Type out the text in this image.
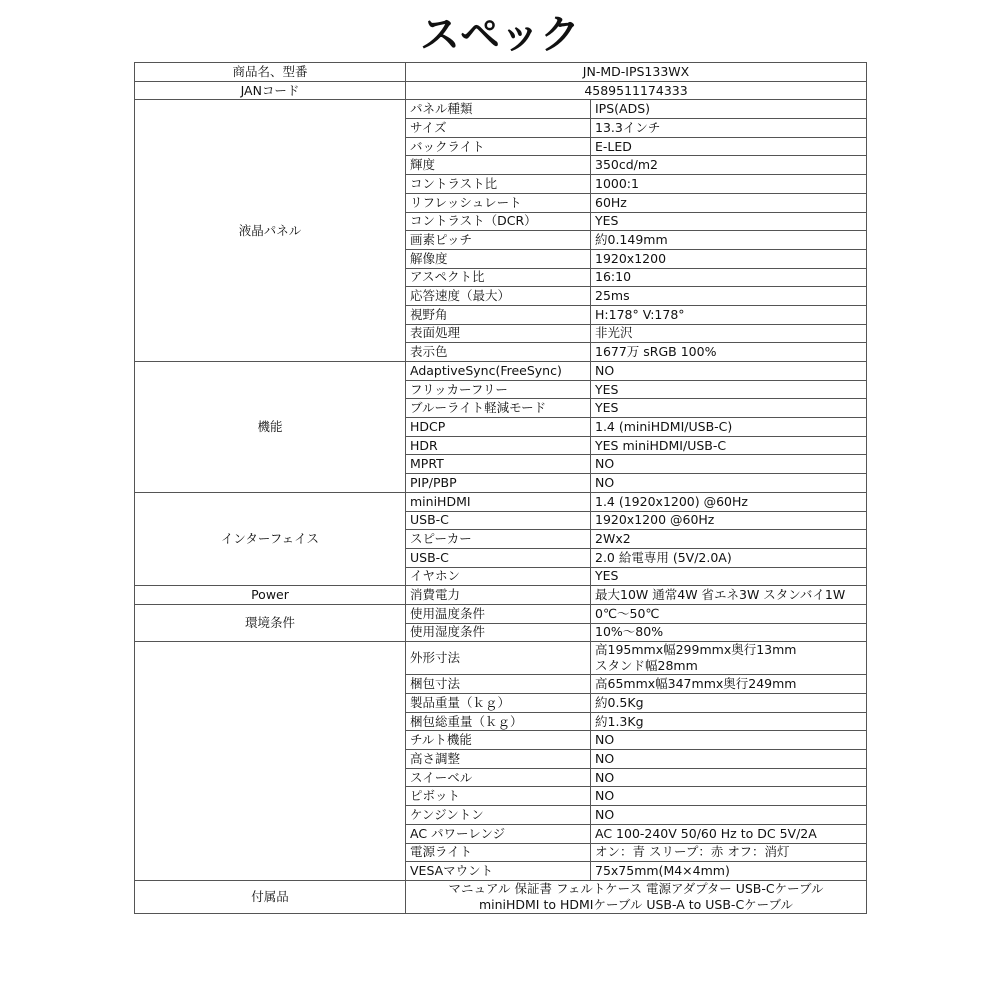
スペック
商品名、型番	JN-MD-IPS133WX	
JANコード	4589511174333	
液晶パネル	パネル種類	IPS(ADS)
	サイズ	13.3インチ
	バックライト	E-LED
	輝度	350cd/m2
	コントラスト比	1000:1
	リフレッシュレート	60Hz
	コントラスト（DCR）	YES
	画素ピッチ	約0.149mm
	解像度	1920x1200
	アスペクト比	16:10
	応答速度（最大）	25ms
	視野角	H:178° V:178°
	表面処理	非光沢
	表示色	1677万 sRGB 100%
機能	AdaptiveSync(FreeSync)	NO
	フリッカーフリー	YES
	ブルーライト軽減モード	YES
	HDCP	1.4 (miniHDMI/USB-C)
	HDR	YES miniHDMI/USB-C
	MPRT	NO
	PIP/PBP	NO
インターフェイス	miniHDMI	1.4 (1920x1200) @60Hz
	USB-C	1920x1200 @60Hz
	スピーカー	2Wx2
	USB-C	2.0 給電専用 (5V/2.0A)
	イヤホン	YES
Power	消費電力	最大10W 通常4W 省エネ3W スタンバイ1W
環境条件	使用温度条件	0℃～50℃
	使用湿度条件	10%～80%
	外形寸法	高195mmx幅299mmx奥行13mm
スタンド幅28mm

	梱包寸法	高65mmx幅347mmx奥行249mm
	製品重量（ｋｇ）	約0.5Kg
	梱包総重量（ｋｇ）	約1.3Kg
	チルト機能	NO
	高さ調整	NO
	スイーベル	NO
	ピボット	NO
	ケンジントン	NO
	AC パワーレンジ	AC 100-240V 50/60 Hz to DC 5V/2A
	電源ライト	オン：青 スリープ：赤 オフ：消灯
	VESAマウント	75x75mm(M4×4mm)
付属品	マニュアル 保証書 フェルトケース 電源アダプター USB-Cケーブル
miniHDMI to HDMIケーブル USB-A to USB-Cケーブル	
